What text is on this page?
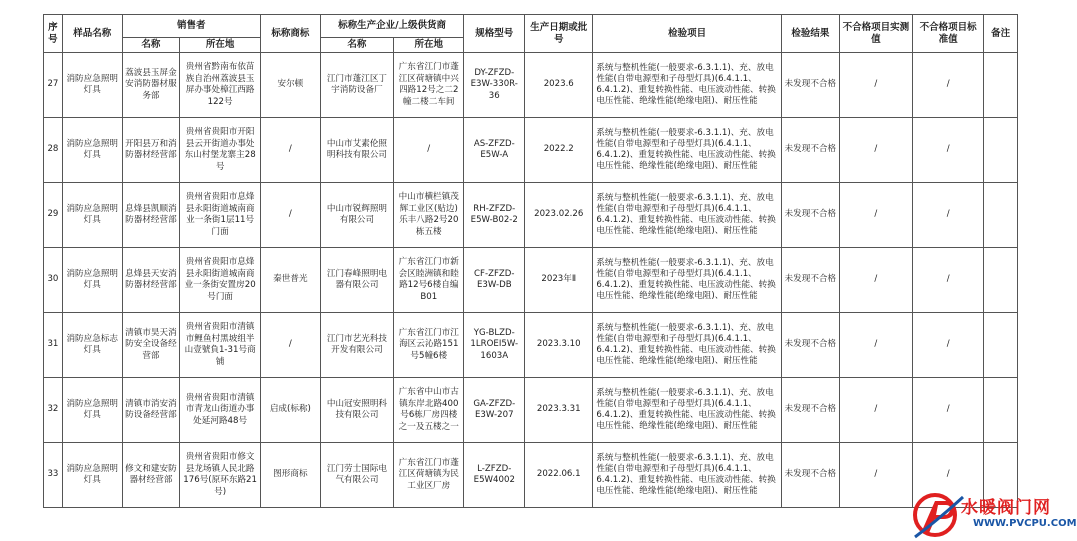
序号	样品名称	销售者		标称商标	标称生产企业/上级供货商		规格型号	生产日期或批号	检验项目	检验结果	不合格项目实测值	不合格项目标准值	备注
		名称	所在地		名称	所在地							
27	消防应急照明灯具	荔波县玉屏金安消防器材服务部	贵州省黔南布依苗族自治州荔波县玉屏办事处樟江西路122号	安尔顿	江门市蓬江区丁宇消防设备厂	广东省江门市蓬江区荷塘镇中兴四路12号之二2幢二楼二车间	DY-ZFZD-E3W-330R-36	2023.6	系统与整机性能(一般要求-6.3.1.1)、充、放电性能(自带电源型和子母型灯具)(6.4.1.1、6.4.1.2)、重复转换性能、电压波动性能、转换电压性能、绝缘性能(绝缘电阻)、耐压性能	未发现不合格	/	/	
28	消防应急照明灯具	开阳县万和消防器材经营部	贵州省贵阳市开阳县云开街道办事处东山村堡龙寨主28号	/	中山市艾素伦照明科技有限公司	/	AS-ZFZD-E5W-A	2022.2	系统与整机性能(一般要求-6.3.1.1)、充、放电性能(自带电源型和子母型灯具)(6.4.1.1、6.4.1.2)、重复转换性能、电压波动性能、转换电压性能、绝缘性能(绝缘电阻)、耐压性能	未发现不合格	/	/	
29	消防应急照明灯具	息烽县凯顺消防器材经营部	贵州省贵阳市息烽县永阳街道城南商业一条街1层11号门面	/	中山市锐辉照明有限公司	中山市横栏镇茂辉工业区(贴边)乐丰八路2号20栋五楼	RH-ZFZD-E5W-B02-2	2023.02.26	系统与整机性能(一般要求-6.3.1.1)、充、放电性能(自带电源型和子母型灯具)(6.4.1.1、6.4.1.2)、重复转换性能、电压波动性能、转换电压性能、绝缘性能(绝缘电阻)、耐压性能	未发现不合格	/	/	
30	消防应急照明灯具	息烽县天安消防器材经营部	贵州省贵阳市息烽县永阳街道城南商业一条街安置房20号门面	秦世普光	江门春峰照明电器有限公司	广东省江门市新会区睦洲镇和睦路12号6楼自编B01	CF-ZFZD-E3W-DB	2023年Ⅱ	系统与整机性能(一般要求-6.3.1.1)、充、放电性能(自带电源型和子母型灯具)(6.4.1.1、6.4.1.2)、重复转换性能、电压波动性能、转换电压性能、绝缘性能(绝缘电阻)、耐压性能	未发现不合格	/	/	
31	消防应急标志灯具	清镇市昊天消防安全设备经营部	贵州省贵阳市清镇市鲤鱼村黑坡组半山壹號負1-31号商铺	/	江门市艺光科技开发有限公司	广东省江门市江海区云沁路151号5幢6楼	YG-BLZD-1LROEI5W-1603A	2023.3.10	系统与整机性能(一般要求-6.3.1.1)、充、放电性能(自带电源型和子母型灯具)(6.4.1.1、6.4.1.2)、重复转换性能、电压波动性能、转换电压性能、绝缘性能(绝缘电阻)、耐压性能	未发现不合格	/	/	
32	消防应急照明灯具	清镇市消安消防设备经营部	贵州省贵阳市清镇市青龙山街道办事处延河路48号	启成(标称)	中山冠安照明科技有限公司	广东省中山市古镇东岸北路400号6栋厂房四楼之一及五楼之一	GA-ZFZD-E3W-207	2023.3.31	系统与整机性能(一般要求-6.3.1.1)、充、放电性能(自带电源型和子母型灯具)(6.4.1.1、6.4.1.2)、重复转换性能、电压波动性能、转换电压性能、绝缘性能(绝缘电阻)、耐压性能	未发现不合格	/	/	
33	消防应急照明灯具	修文和建安防器材经营部	贵州省贵阳市修文县龙场镇人民北路176号(原环东路21号)	图形商标	江门劳士国际电气有限公司	广东省江门市蓬江区荷塘镇为民工业区厂房	L-ZFZD-E5W4002	2022.06.1	系统与整机性能(一般要求-6.3.1.1)、充、放电性能(自带电源型和子母型灯具)(6.4.1.1、6.4.1.2)、重复转换性能、电压波动性能、转换电压性能、绝缘性能(绝缘电阻)、耐压性能	未发现不合格	/	/	
水暖阀门网
WWW.PVCPU.COM
